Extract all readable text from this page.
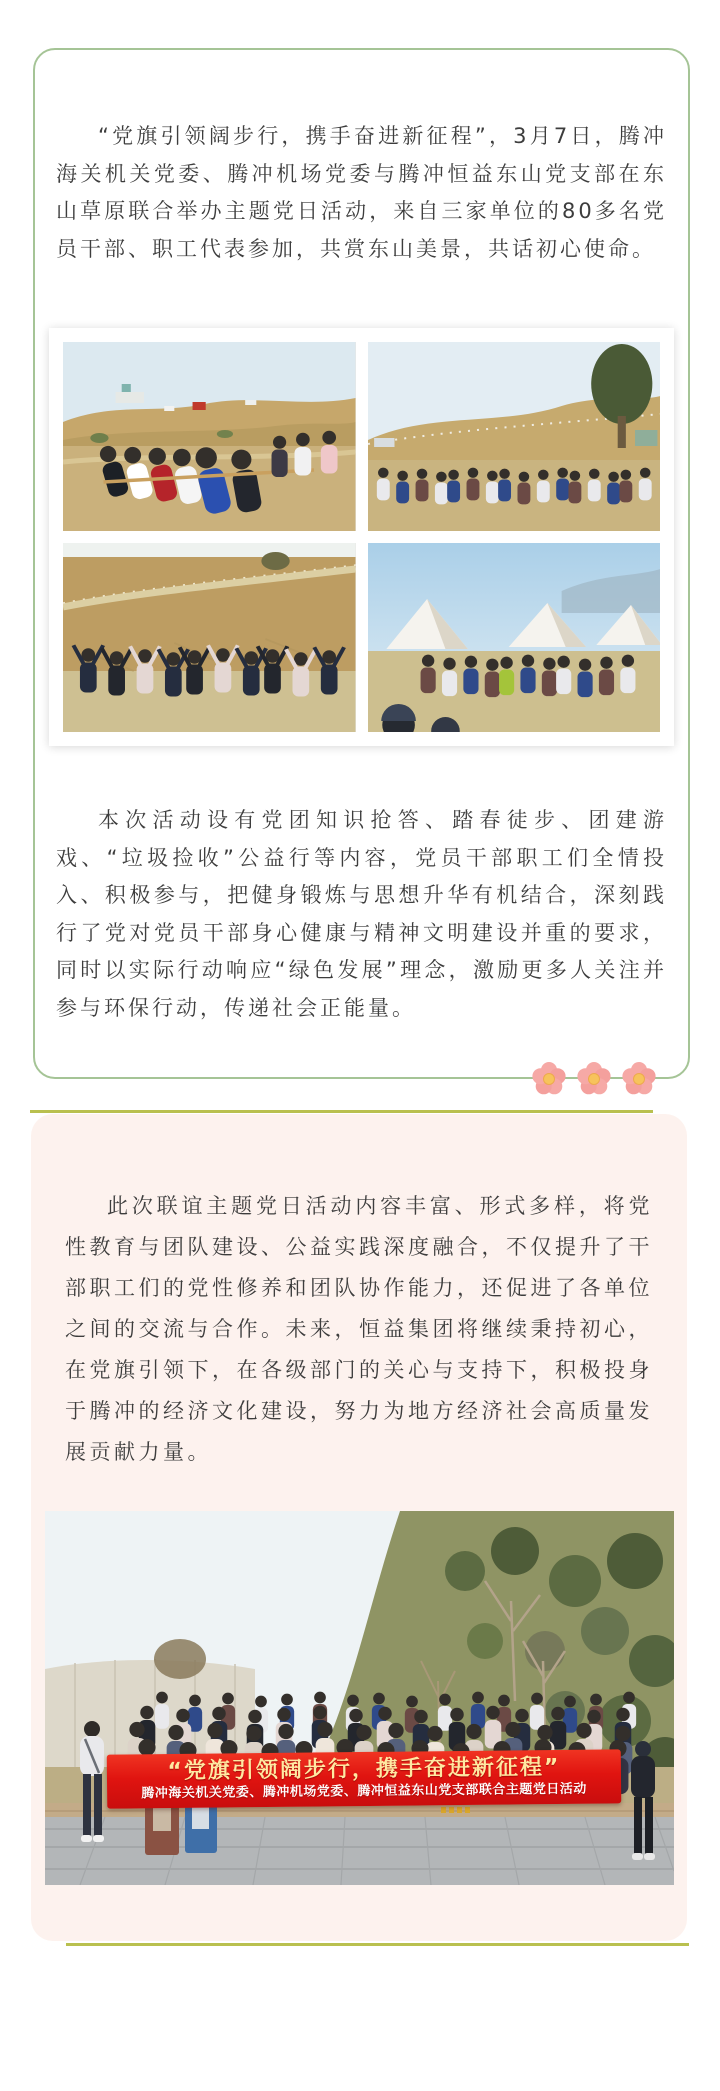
“党旗引领阔步行，携手奋进新征程”，3月7日，腾冲海关机关党委、腾冲机场党委与腾冲恒益东山党支部在东山草原联合举办主题党日活动，来自三家单位的80多名党员干部、职工代表参加，共赏东山美景，共话初心使命。

本次活动设有党团知识抢答、踏春徒步、团建游戏、“垃圾捡收”公益行等内容，党员干部职工们全情投入、积极参与，把健身锻炼与思想升华有机结合，深刻践行了党对党员干部身心健康与精神文明建设并重的要求，同时以实际行动响应“绿色发展”理念，激励更多人关注并参与环保行动，传递社会正能量。

此次联谊主题党日活动内容丰富、形式多样，将党性教育与团队建设、公益实践深度融合，不仅提升了干部职工们的党性修养和团队协作能力，还促进了各单位之间的交流与合作。未来，恒益集团将继续秉持初心，在党旗引领下，在各级部门的关心与支持下，积极投身于腾冲的经济文化建设，努力为地方经济社会高质量发展贡献力量。

“党旗引领阔步行，携手奋进新征程”
腾冲海关机关党委、腾冲机场党委、腾冲恒益东山党支部联合主题党日活动
